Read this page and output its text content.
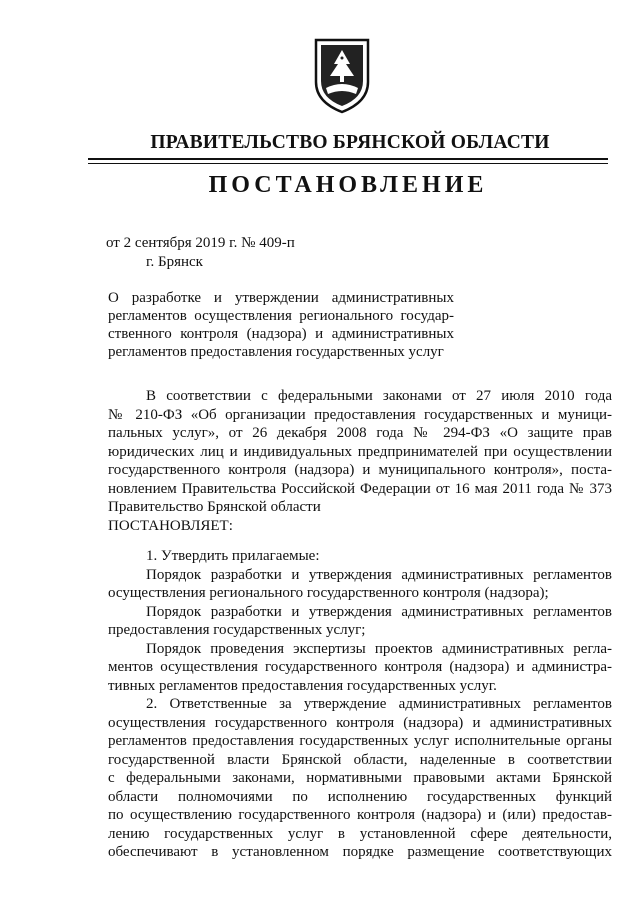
ПРАВИТЕЛЬСТВО БРЯНСКОЙ ОБЛАСТИ
ПОСТАНОВЛЕНИЕ
от 2 сентября 2019 г. № 409-п
г. Брянск
О разработке и утверждении административных
регламентов осуществления регионального государ-
ственного контроля (надзора) и административных
регламентов предоставления государственных услуг
В соответствии с федеральными законами от 27 июля 2010 года
№ 210-ФЗ «Об организации предоставления государственных и муници-
пальных услуг», от 26 декабря 2008 года № 294-ФЗ «О защите прав
юридических лиц и индивидуальных предпринимателей при осуществлении
государственного контроля (надзора) и муниципального контроля», поста-
новлением Правительства Российской Федерации от 16 мая 2011 года № 373
Правительство Брянской области
ПОСТАНОВЛЯЕТ:
1. Утвердить прилагаемые:
Порядок разработки и утверждения административных регламентов
осуществления регионального государственного контроля (надзора);
Порядок разработки и утверждения административных регламентов
предоставления государственных услуг;
Порядок проведения экспертизы проектов административных регла-
ментов осуществления государственного контроля (надзора) и администра-
тивных регламентов предоставления государственных услуг.
2. Ответственные за утверждение административных регламентов
осуществления государственного контроля (надзора) и административных
регламентов предоставления государственных услуг исполнительные органы
государственной власти Брянской области, наделенные в соответствии
с федеральными законами, нормативными правовыми актами Брянской
области полномочиями по исполнению государственных функций
по осуществлению государственного контроля (надзора) и (или) предостав-
лению государственных услуг в установленной сфере деятельности,
обеспечивают в установленном порядке размещение соответствующих
